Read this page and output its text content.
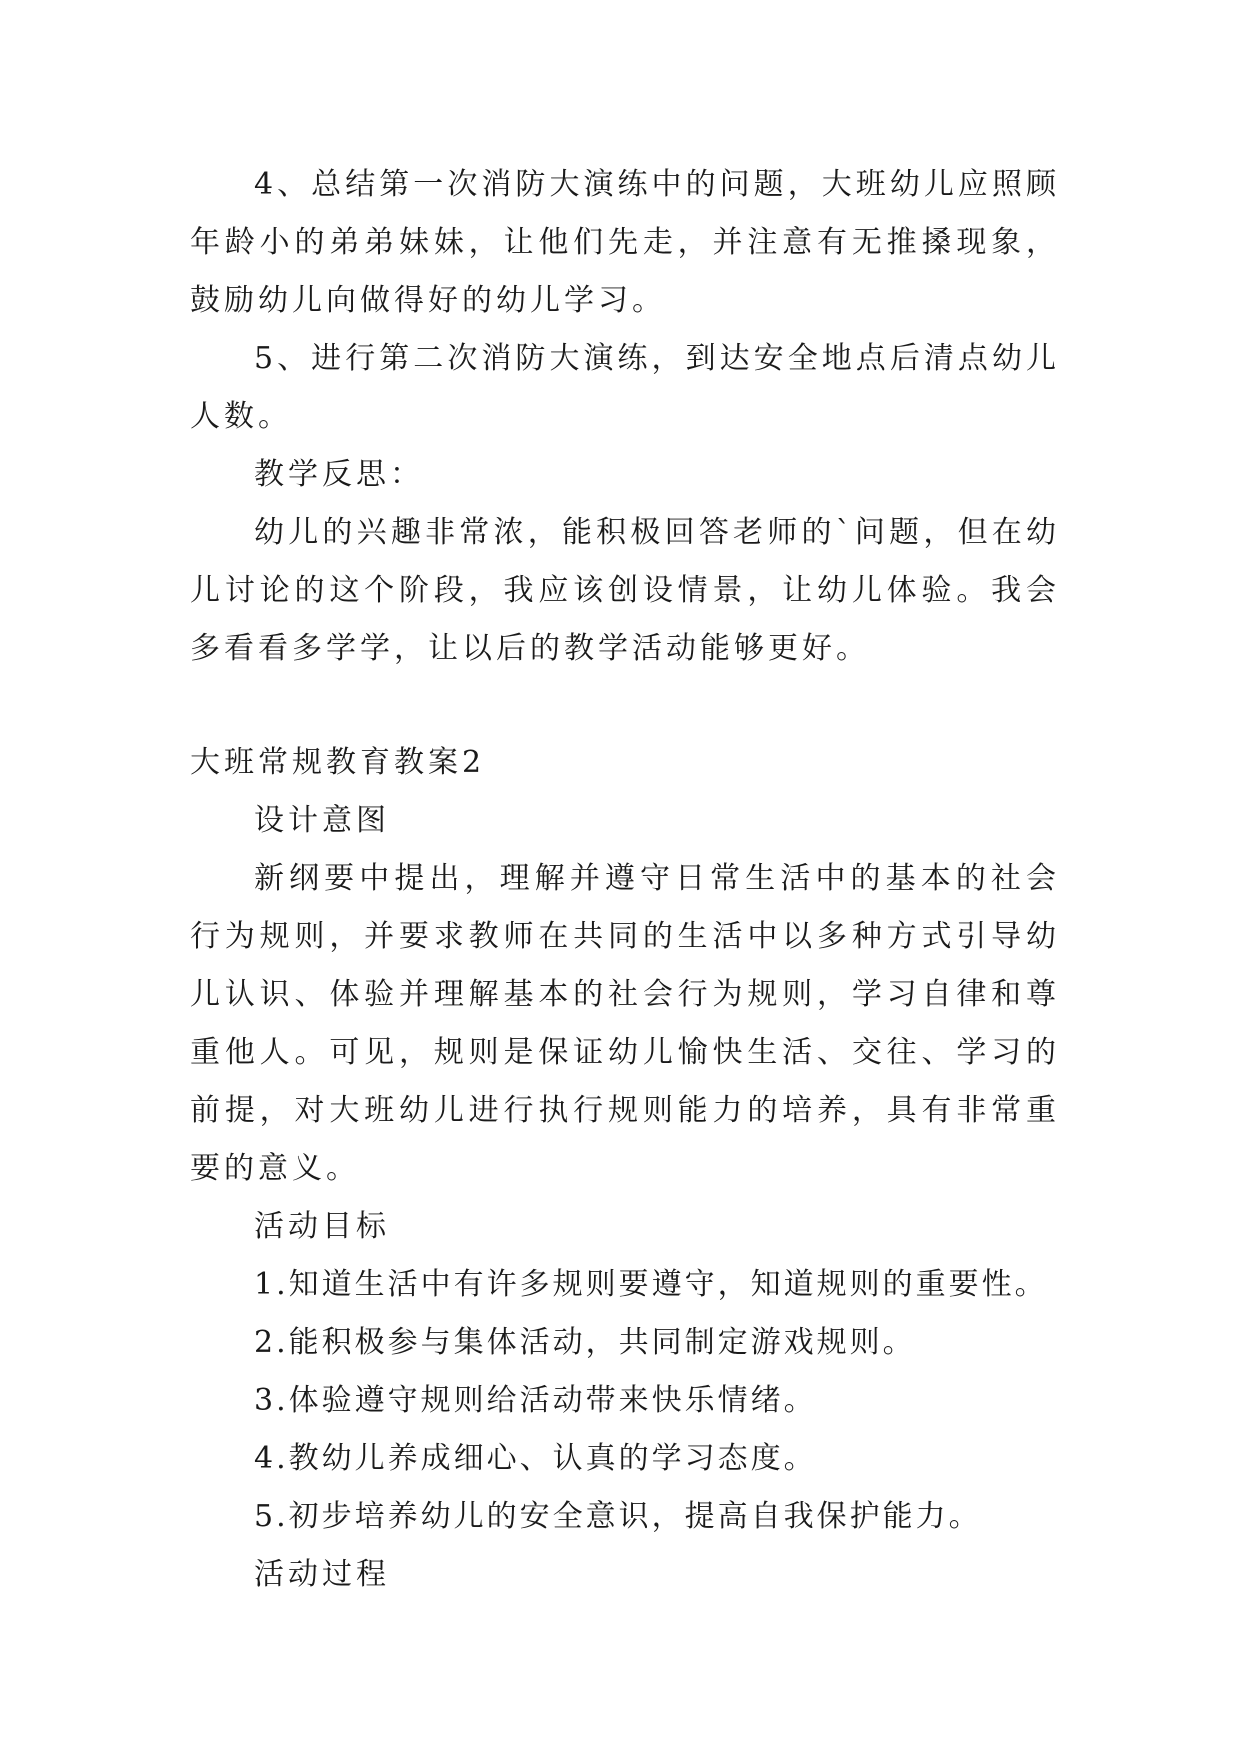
4、总结第一次消防大演练中的问题，大班幼儿应照顾年龄小的弟弟妹妹，让他们先走，并注意有无推搡现象，鼓励幼儿向做得好的幼儿学习。

5、进行第二次消防大演练，到达安全地点后清点幼儿人数。

教学反思：

幼儿的兴趣非常浓，能积极回答老师的`问题，但在幼儿讨论的这个阶段，我应该创设情景，让幼儿体验。我会多看看多学学，让以后的教学活动能够更好。

大班常规教育教案2

设计意图

新纲要中提出，理解并遵守日常生活中的基本的社会行为规则，并要求教师在共同的生活中以多种方式引导幼儿认识、体验并理解基本的社会行为规则，学习自律和尊重他人。可见，规则是保证幼儿愉快生活、交往、学习的前提，对大班幼儿进行执行规则能力的培养，具有非常重要的意义。

活动目标

1.知道生活中有许多规则要遵守，知道规则的重要性。

2.能积极参与集体活动，共同制定游戏规则。

3.体验遵守规则给活动带来快乐情绪。

4.教幼儿养成细心、认真的学习态度。

5.初步培养幼儿的安全意识，提高自我保护能力。

活动过程
